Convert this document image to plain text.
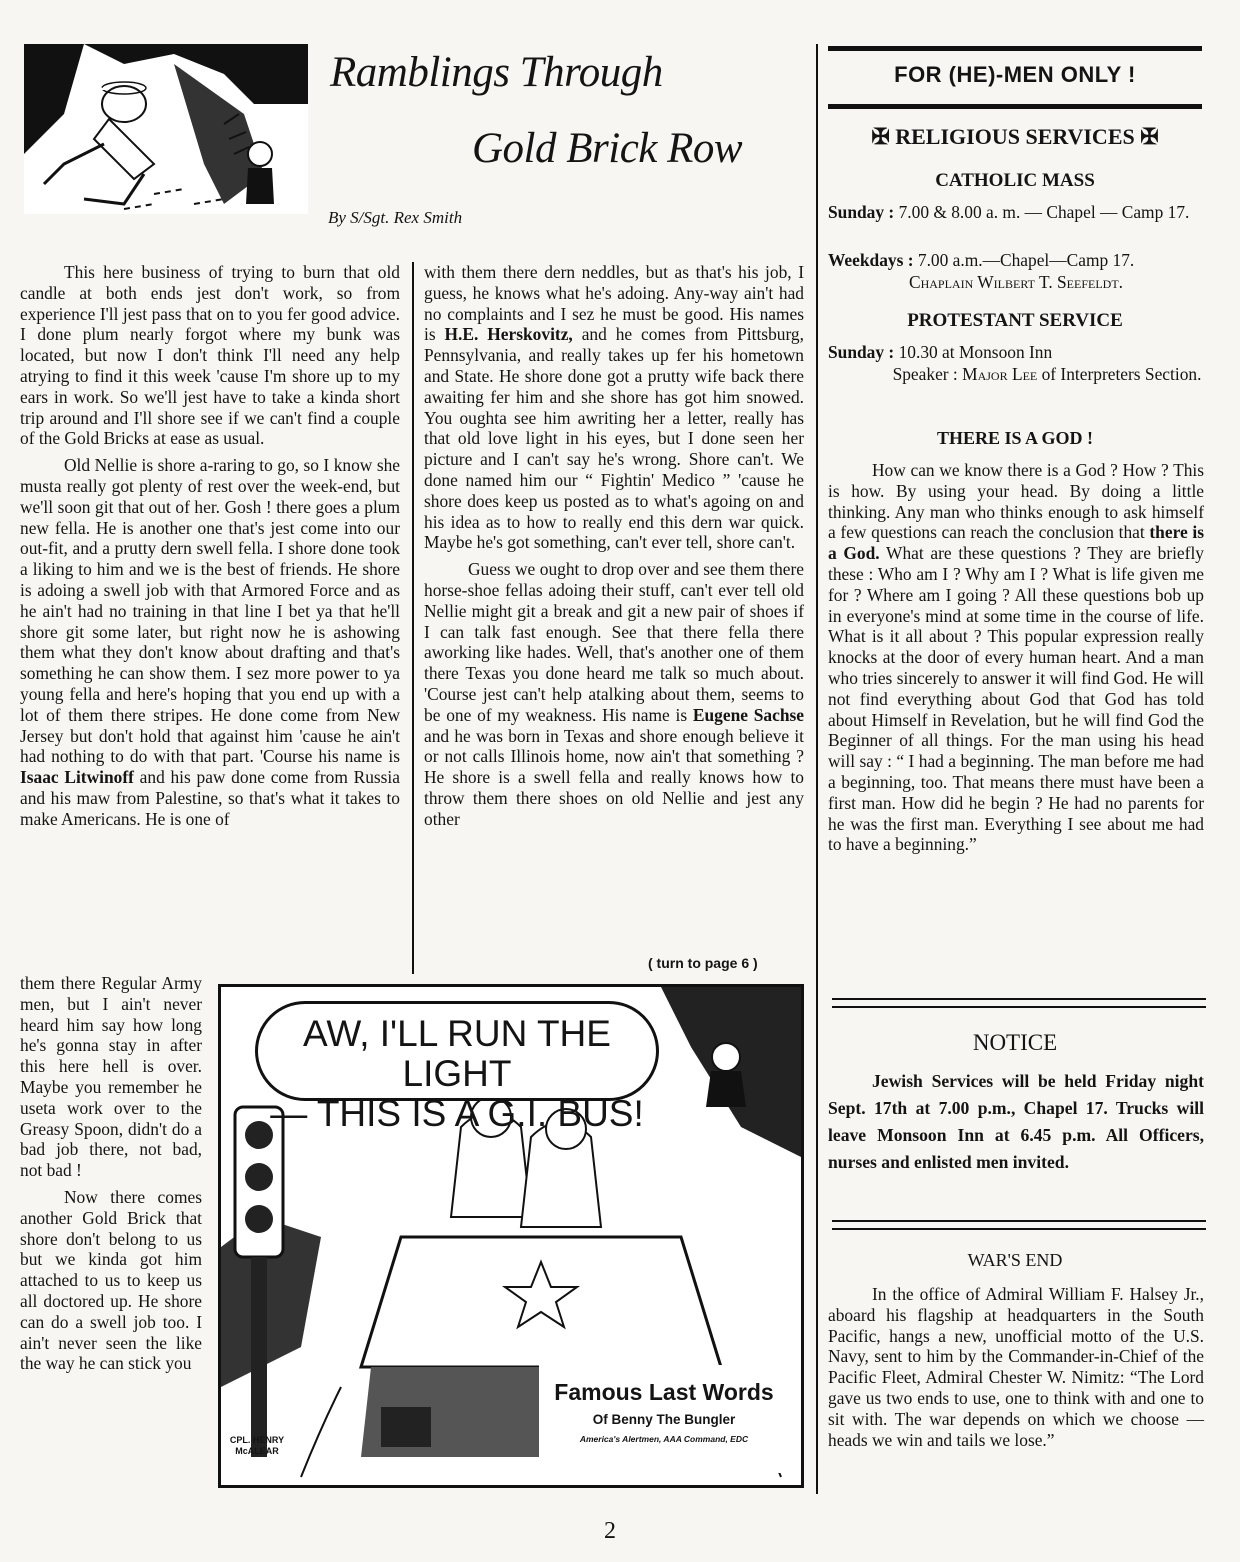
Ramblings Through
Gold Brick Row
By S/Sgt. Rex Smith

This here business of trying to burn that old candle at both ends jest don't work, so from experience I'll jest pass that on to you fer good advice. I done plum nearly forgot where my bunk was located, but now I don't think I'll need any help atrying to find it this week 'cause I'm shore up to my ears in work. So we'll jest have to take a kinda short trip around and I'll shore see if we can't find a couple of the Gold Bricks at ease as usual.

Old Nellie is shore a-raring to go, so I know she musta really got plenty of rest over the week-end, but we'll soon git that out of her. Gosh ! there goes a plum new fella. He is another one that's jest come into our out-fit, and a prutty dern swell fella. I shore done took a liking to him and we is the best of friends. He shore is adoing a swell job with that Armored Force and as he ain't had no training in that line I bet ya that he'll shore git some later, but right now he is ashowing them what they don't know about drafting and that's something he can show them. I sez more power to ya young fella and here's hoping that you end up with a lot of them there stripes. He done come from New Jersey but don't hold that against him 'cause he ain't had nothing to do with that part. 'Course his name is Isaac Litwinoff and his paw done come from Russia and his maw from Palestine, so that's what it takes to make Americans. He is one of

them there Regular Army men, but I ain't never heard him say how long he's gonna stay in after this here hell is over. Maybe you remember he useta work over to the Greasy Spoon, didn't do a bad job there, not bad, not bad !

Now there comes another Gold Brick that shore don't belong to us but we kinda got him attached to us to keep us all doctored up. He shore can do a swell job too. I ain't never seen the like the way he can stick you

with them there dern neddles, but as that's his job, I guess, he knows what he's adoing. Any-way ain't had no complaints and I sez he must be good. His names is H.E. Herskovitz, and he comes from Pittsburg, Pennsylvania, and really takes up fer his hometown and State. He shore done got a prutty wife back there awaiting fer him and she shore has got him snowed. You oughta see him awriting her a letter, really has that old love light in his eyes, but I done seen her picture and I can't say he's wrong. Shore can't. We done named him our “ Fightin' Medico ” 'cause he shore does keep us posted as to what's agoing on and his idea as to how to really end this dern war quick. Maybe he's got something, can't ever tell, shore can't.

Guess we ought to drop over and see them there horse-shoe fellas adoing their stuff, can't ever tell old Nellie might git a break and git a new pair of shoes if I can talk fast enough. See that there fella there aworking like hades. Well, that's another one of them there Texas you done heard me talk so much about. 'Course jest can't help atalking about them, seems to be one of my weakness. His name is Eugene Sachse and he was born in Texas and shore enough believe it or not calls Illinois home, now ain't that something ? He shore is a swell fella and really knows how to throw them there shoes on old Nellie and jest any other

( turn to page 6 )
AW, I'LL RUN THE LIGHT
— THIS IS A G.I. BUS!
Famous Last Words
Of Benny The Bungler
America's Alertmen, AAA Command, EDC
CPL. HENRY McALEAR
FOR (HE)-MEN ONLY !
✠ RELIGIOUS SERVICES ✠
CATHOLIC MASS
Sunday : 7.00 & 8.00 a. m. — Chapel — Camp 17.
Weekdays : 7.00 a.m.—Chapel—Camp 17.
Chaplain Wilbert T. Seefeldt.
PROTESTANT SERVICE
Sunday : 10.30 at Monsoon Inn
Speaker : Major Lee of Interpreters Section.
THERE IS A GOD !

How can we know there is a God ? How ? This is how. By using your head. By doing a little thinking. Any man who thinks enough to ask himself a few questions can reach the conclusion that there is a God. What are these questions ? They are briefly these : Who am I ? Why am I ? What is life given me for ? Where am I going ? All these questions bob up in everyone's mind at some time in the course of life. What is it all about ? This popular expression really knocks at the door of every human heart. And a man who tries sincerely to answer it will find God. He will not find everything about God that God has told about Himself in Revelation, but he will find God the Beginner of all things. For the man using his head will say : “ I had a beginning. The man before me had a beginning, too. That means there must have been a first man. How did he begin ? He had no parents for he was the first man. Everything I see about me had to have a beginning.”

NOTICE
Jewish Services will be held Friday night Sept. 17th at 7.00 p.m., Chapel 17. Trucks will leave Monsoon Inn at 6.45 p.m. All Officers, nurses and enlisted men invited.
WAR'S END

In the office of Admiral William F. Halsey Jr., aboard his flagship at headquarters in the South Pacific, hangs a new, unofficial motto of the U.S. Navy, sent to him by the Commander-in-Chief of the Pacific Fleet, Admiral Chester W. Nimitz: “The Lord gave us two ends to use, one to think with and one to sit with. The war depends on which we choose — heads we win and tails we lose.”

2
